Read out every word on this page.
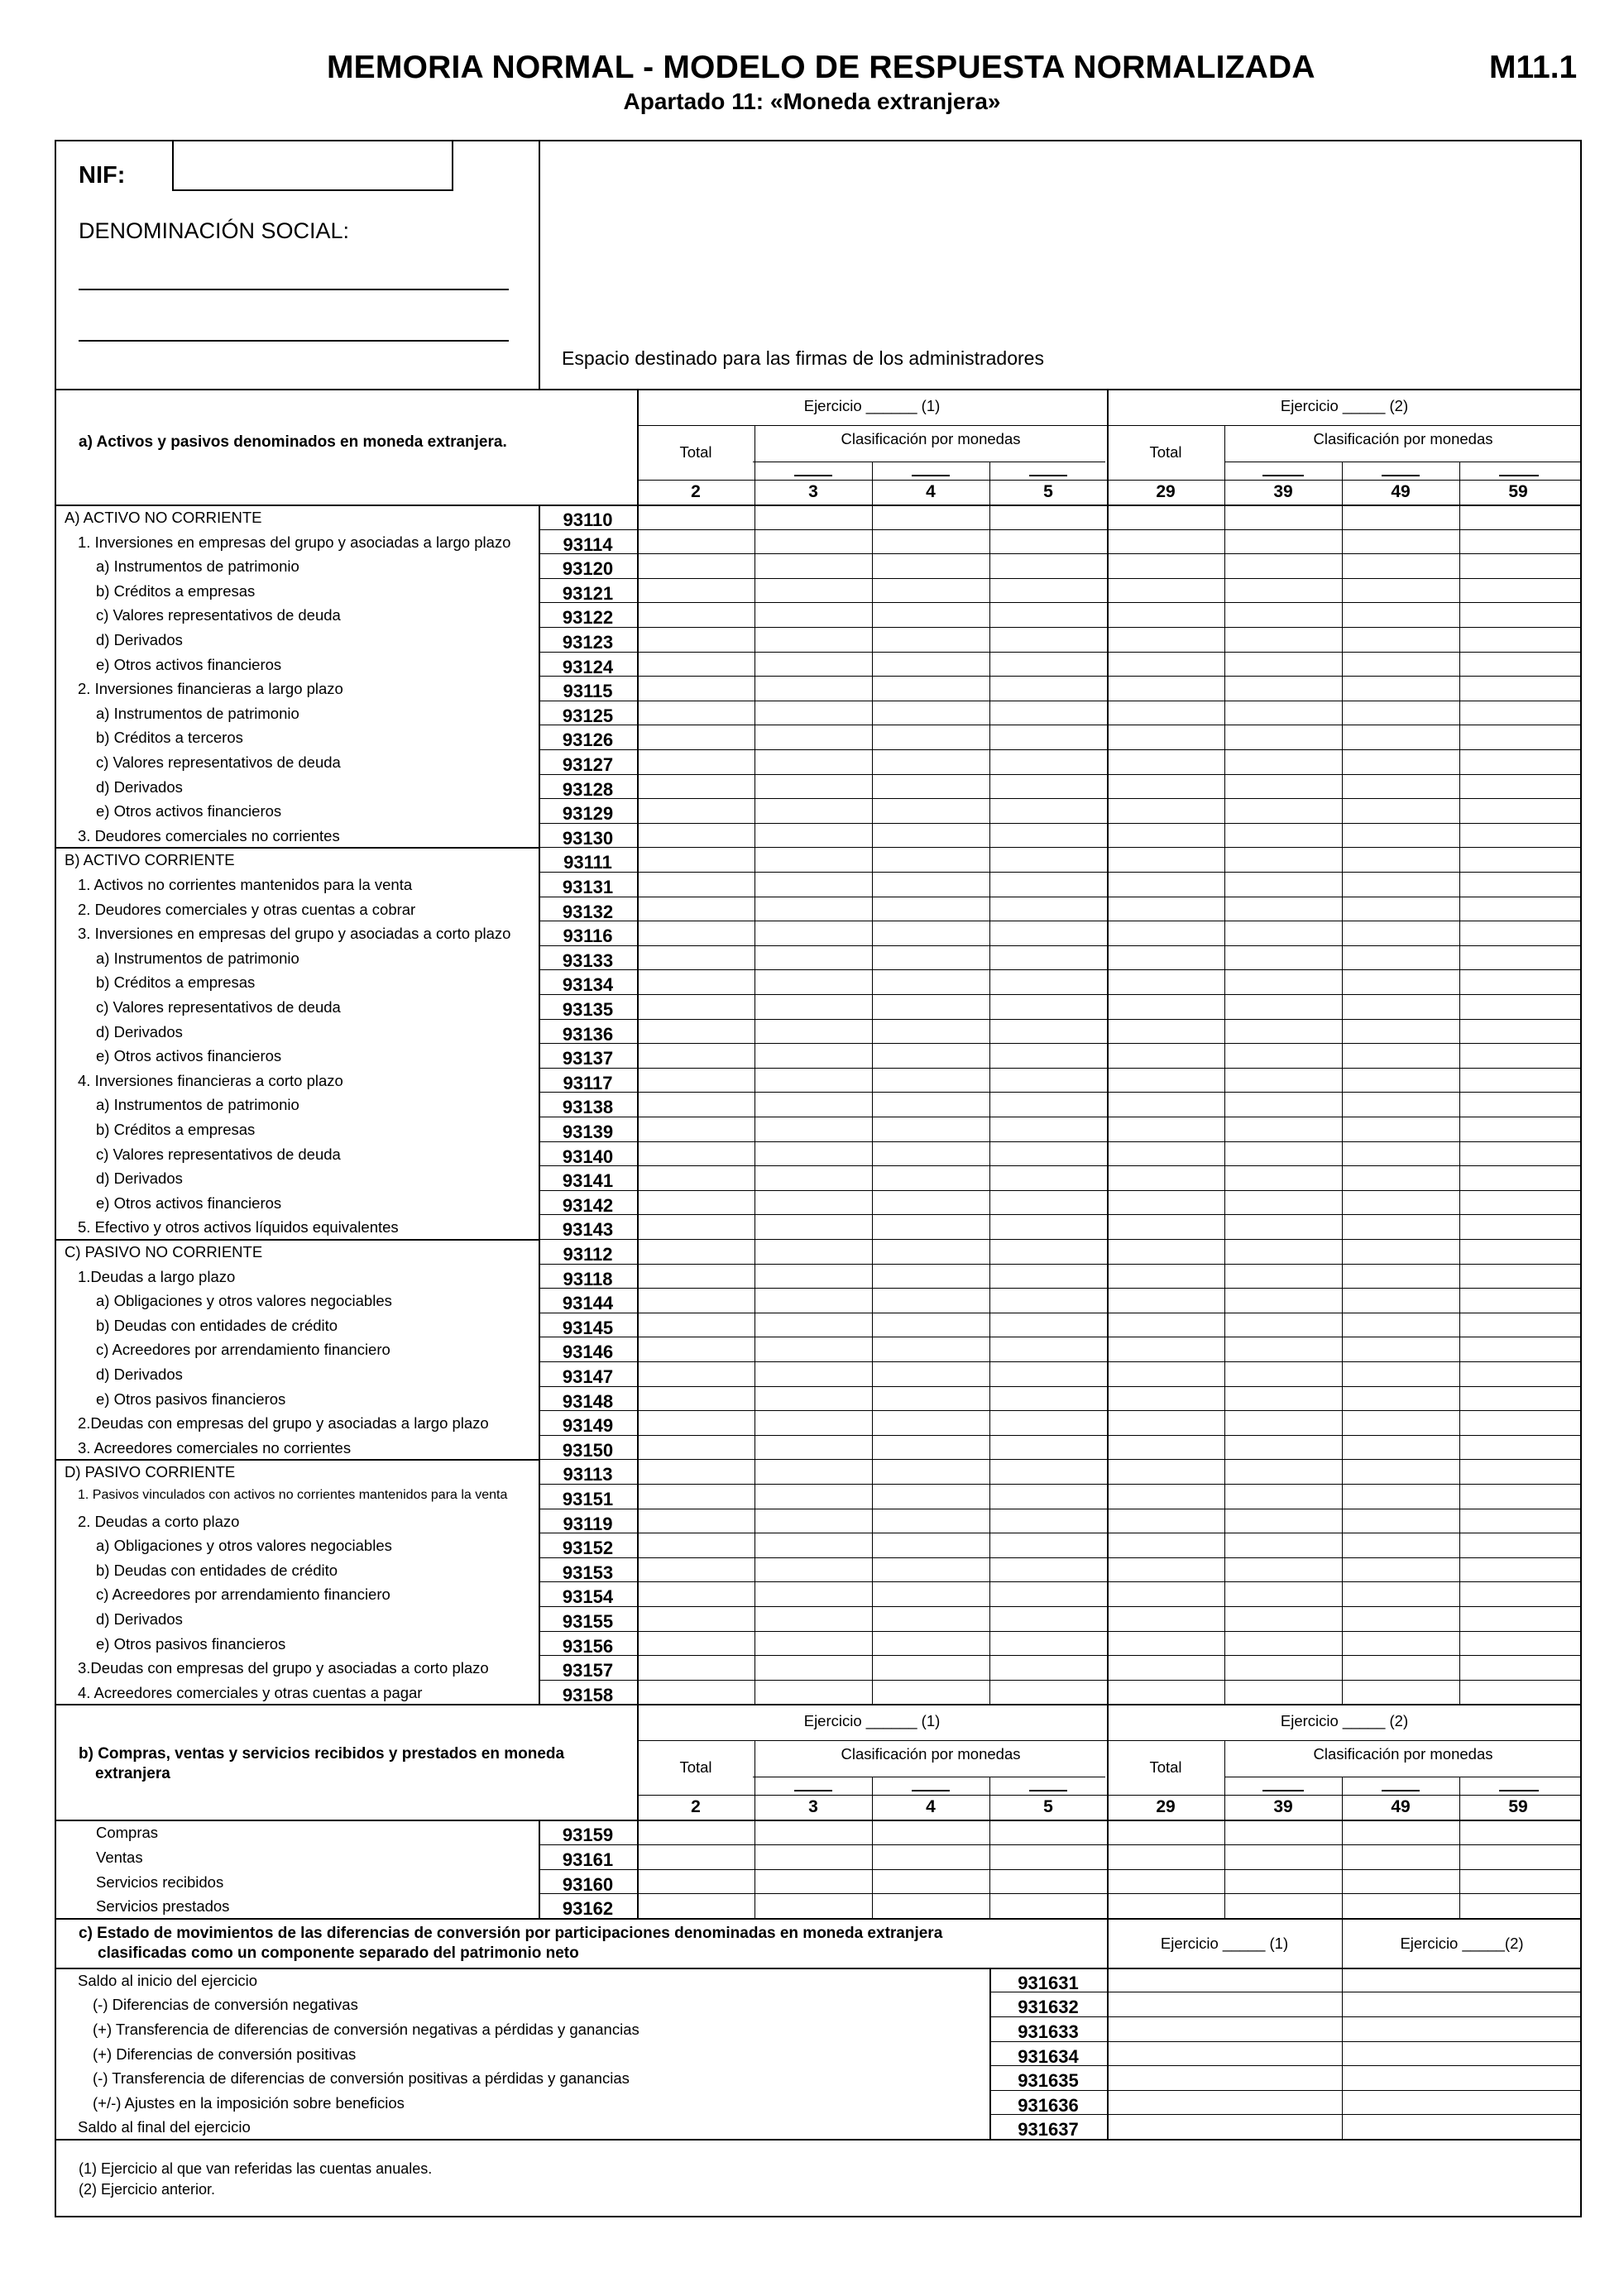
MEMORIA NORMAL - MODELO DE RESPUESTA NORMALIZADA	M11.1
Apartado 11: «Moneda extranjera»
NIF:
DENOMINACIÓN SOCIAL:
Espacio destinado para las firmas de los administradores
a) Activos y pasivos denominados en moneda extranjera.
Ejercicio ______ (1)	Ejercicio _____ (2)
Total	Total
Clasificación por monedas	Clasificación por monedas
2	3	4	5	29	39	49	59
A) ACTIVO NO CORRIENTE	93110
1. Inversiones en empresas del grupo y asociadas a largo plazo	93114
a) Instrumentos de patrimonio	93120
b) Créditos a empresas	93121
c) Valores representativos de deuda	93122
d) Derivados	93123
e) Otros activos financieros	93124
2. Inversiones financieras a largo plazo	93115
a) Instrumentos de patrimonio	93125
b) Créditos a terceros	93126
c) Valores representativos de deuda	93127
d) Derivados	93128
e) Otros activos financieros	93129
3. Deudores comerciales no corrientes	93130
B) ACTIVO CORRIENTE	93111
1. Activos no corrientes mantenidos para la venta	93131
2. Deudores comerciales y otras cuentas a cobrar	93132
3. Inversiones en empresas del grupo y asociadas a corto plazo	93116
a) Instrumentos de patrimonio	93133
b) Créditos a empresas	93134
c) Valores representativos de deuda	93135
d) Derivados	93136
e) Otros activos financieros	93137
4. Inversiones financieras a corto plazo	93117
a) Instrumentos de patrimonio	93138
b) Créditos a empresas	93139
c) Valores representativos de deuda	93140
d) Derivados	93141
e) Otros activos financieros	93142
5. Efectivo y otros activos líquidos equivalentes	93143
C) PASIVO NO CORRIENTE	93112
1.Deudas a largo plazo	93118
a) Obligaciones y otros valores negociables	93144
b) Deudas con entidades de crédito	93145
c) Acreedores por arrendamiento financiero	93146
d) Derivados	93147
e) Otros pasivos financieros	93148
2.Deudas con empresas del grupo y asociadas a largo plazo	93149
3. Acreedores comerciales no corrientes	93150
D) PASIVO CORRIENTE	93113
1. Pasivos vinculados con activos no corrientes mantenidos para la venta	93151
2. Deudas a corto plazo	93119
a) Obligaciones y otros valores negociables	93152
b) Deudas con entidades de crédito	93153
c) Acreedores por arrendamiento financiero	93154
d) Derivados	93155
e) Otros pasivos financieros	93156
3.Deudas con empresas del grupo y asociadas a corto plazo	93157
4. Acreedores comerciales y otras cuentas a pagar	93158
b) Compras, ventas y servicios recibidos y prestados en moneda
extranjera
Ejercicio ______ (1)	Ejercicio _____ (2)
Total	Total
Clasificación por monedas	Clasificación por monedas
2	3	4	5	29	39	49	59
Compras	93159
Ventas	93161
Servicios recibidos	93160
Servicios prestados	93162
c) Estado de movimientos de las diferencias de conversión por participaciones denominadas en moneda extranjera
clasificadas como un componente separado del patrimonio neto
Ejercicio _____ (1)	Ejercicio _____(2)
Saldo al inicio del ejercicio	931631
(-) Diferencias de conversión negativas	931632
(+) Transferencia de diferencias de conversión negativas a pérdidas y ganancias	931633
(+) Diferencias de conversión positivas	931634
(-) Transferencia de diferencias de conversión positivas a pérdidas y ganancias	931635
(+/-) Ajustes en la imposición sobre beneficios	931636
Saldo al final del ejercicio	931637
(1) Ejercicio al que van referidas las cuentas anuales.
(2) Ejercicio anterior.
